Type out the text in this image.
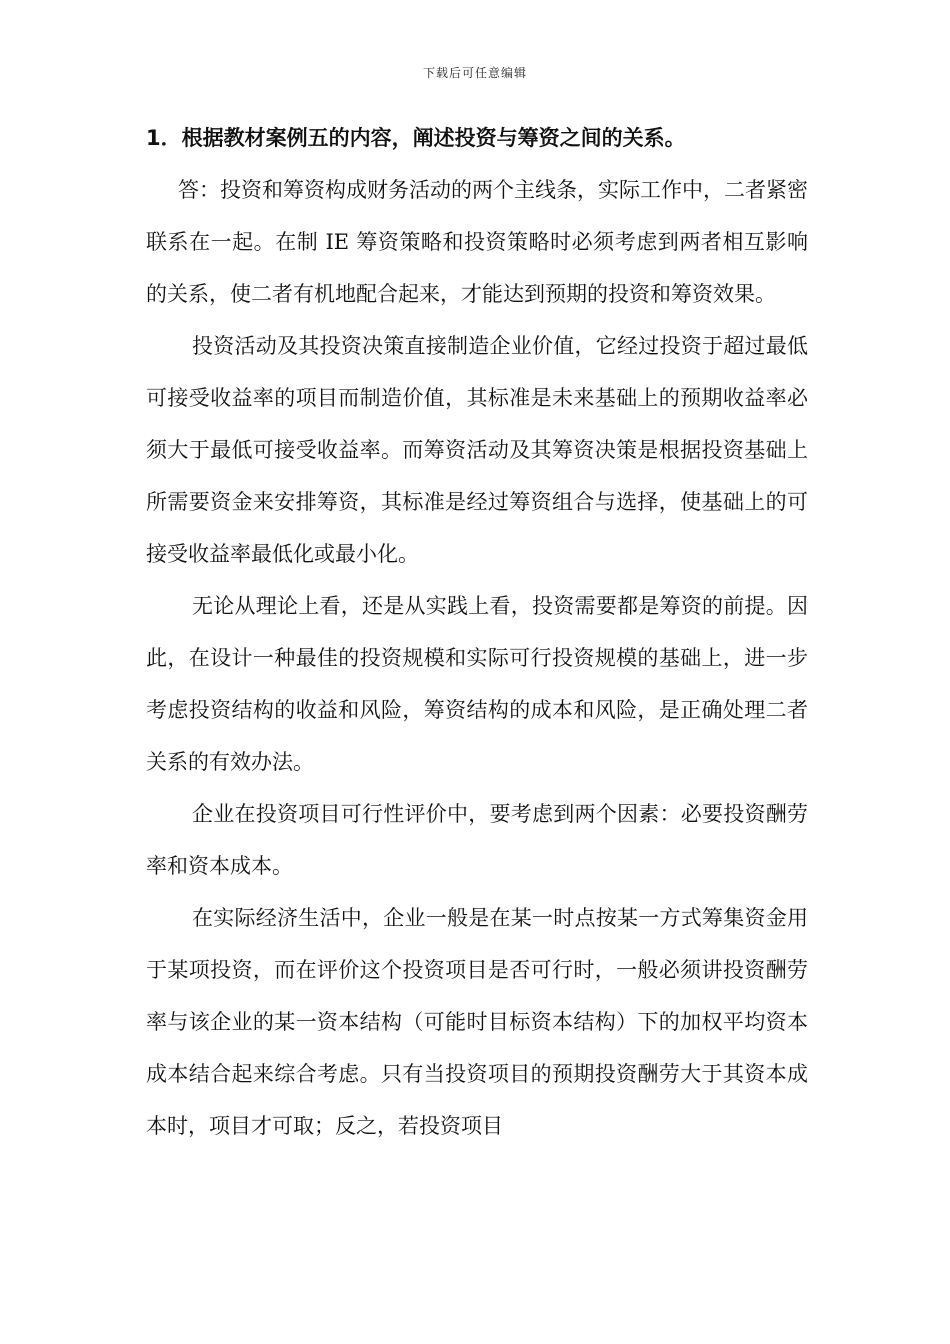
下载后可任意编辑

1．根据教材案例五的内容，阐述投资与筹资之间的关系。

答：投资和筹资构成财务活动的两个主线条，实际工作中，二者紧密联系在一起。在制 IE 筹资策略和投资策略时必须考虑到两者相互影响的关系，使二者有机地配合起来，才能达到预期的投资和筹资效果。

投资活动及其投资决策直接制造企业价值，它经过投资于超过最低可接受收益率的项目而制造价值，其标准是未来基础上的预期收益率必须大于最低可接受收益率。而筹资活动及其筹资决策是根据投资基础上所需要资金来安排筹资，其标准是经过筹资组合与选择，使基础上的可接受收益率最低化或最小化。

无论从理论上看，还是从实践上看，投资需要都是筹资的前提。因此，在设计一种最佳的投资规模和实际可行投资规模的基础上，进一步考虑投资结构的收益和风险，筹资结构的成本和风险，是正确处理二者关系的有效办法。

企业在投资项目可行性评价中，要考虑到两个因素：必要投资酬劳率和资本成本。

在实际经济生活中，企业一般是在某一时点按某一方式筹集资金用于某项投资，而在评价这个投资项目是否可行时，一般必须讲投资酬劳率与该企业的某一资本结构（可能时目标资本结构）下的加权平均资本成本结合起来综合考虑。只有当投资项目的预期投资酬劳大于其资本成本时，项目才可取；反之，若投资项目
